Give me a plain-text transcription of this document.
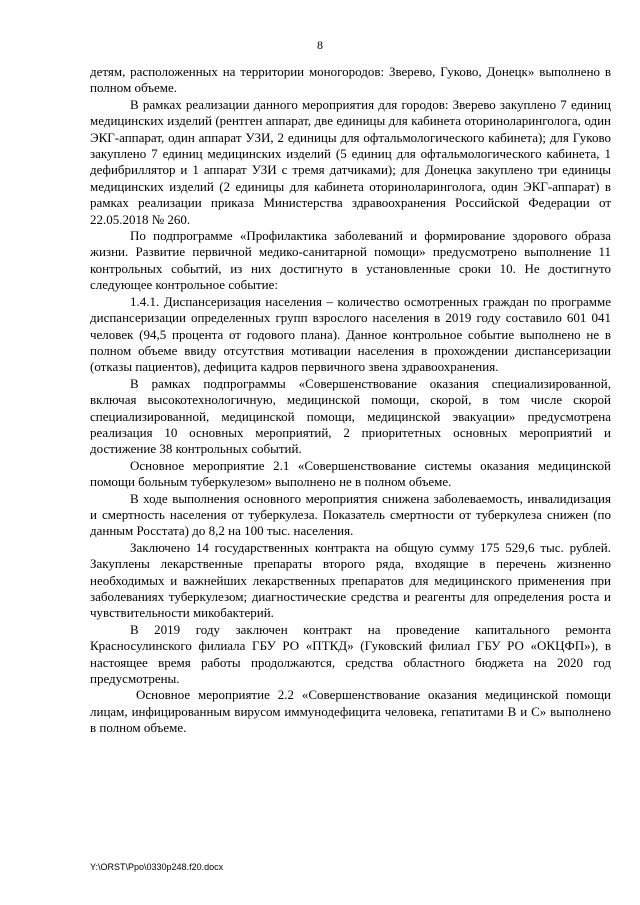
8

детям, расположенных на территории моногородов: Зверево, Гуково, Донецк» выполнено в полном объеме.

В рамках реализации данного мероприятия для городов: Зверево закуплено 7 единиц медицинских изделий (рентген аппарат, две единицы для кабинета оториноларинголога, один ЭКГ-аппарат, один аппарат УЗИ, 2 единицы для офтальмологического кабинета); для Гуково закуплено 7 единиц медицинских изделий (5 единиц для офтальмологического кабинета, 1 дефибриллятор и 1 аппарат УЗИ с тремя датчиками); для Донецка закуплено три единицы медицинских изделий (2 единицы для кабинета оториноларинголога, один ЭКГ-аппарат) в рамках реализации приказа Министерства здравоохранения Российской Федерации от 22.05.2018 № 260.

По подпрограмме «Профилактика заболеваний и формирование здорового образа жизни. Развитие первичной медико-санитарной помощи» предусмотрено выполнение 11 контрольных событий, из них достигнуто в установленные сроки 10. Не достигнуто следующее контрольное событие:

1.4.1. Диспансеризация населения – количество осмотренных граждан по программе диспансеризации определенных групп взрослого населения в 2019 году составило 601 041 человек (94,5 процента от годового плана). Данное контрольное событие выполнено не в полном объеме ввиду отсутствия мотивации населения в прохождении диспансеризации (отказы пациентов), дефицита кадров первичного звена здравоохранения.

В рамках подпрограммы «Совершенствование оказания специализированной, включая высокотехнологичную, медицинской помощи, скорой, в том числе скорой специализированной, медицинской помощи, медицинской эвакуации» предусмотрена реализация 10 основных мероприятий, 2 приоритетных основных мероприятий и достижение 38 контрольных событий.

Основное мероприятие 2.1 «Совершенствование системы оказания медицинской помощи больным туберкулезом» выполнено не в полном объеме.

В ходе выполнения основного мероприятия снижена заболеваемость, инвалидизация и смертность населения от туберкулеза. Показатель смертности от туберкулеза снижен (по данным Росстата) до 8,2 на 100 тыс. населения.

Заключено 14 государственных контракта на общую сумму 175 529,6 тыс. рублей. Закуплены лекарственные препараты второго ряда, входящие в перечень жизненно необходимых и важнейших лекарственных препаратов для медицинского применения при заболеваниях туберкулезом; диагностические средства и реагенты для определения роста и чувствительности микобактерий.

В 2019 году заключен контракт на проведение капитального ремонта Красносулинского филиала ГБУ РО «ПТКД» (Гуковский филиал ГБУ РО «ОКЦФП»), в настоящее время работы продолжаются, средства областного бюджета на 2020 год предусмотрены.

Основное мероприятие 2.2 «Совершенствование оказания медицинской помощи лицам, инфицированным вирусом иммунодефицита человека, гепатитами В и С» выполнено в полном объеме.

Y:\ORST\Ppo\0330p248.f20.docx
